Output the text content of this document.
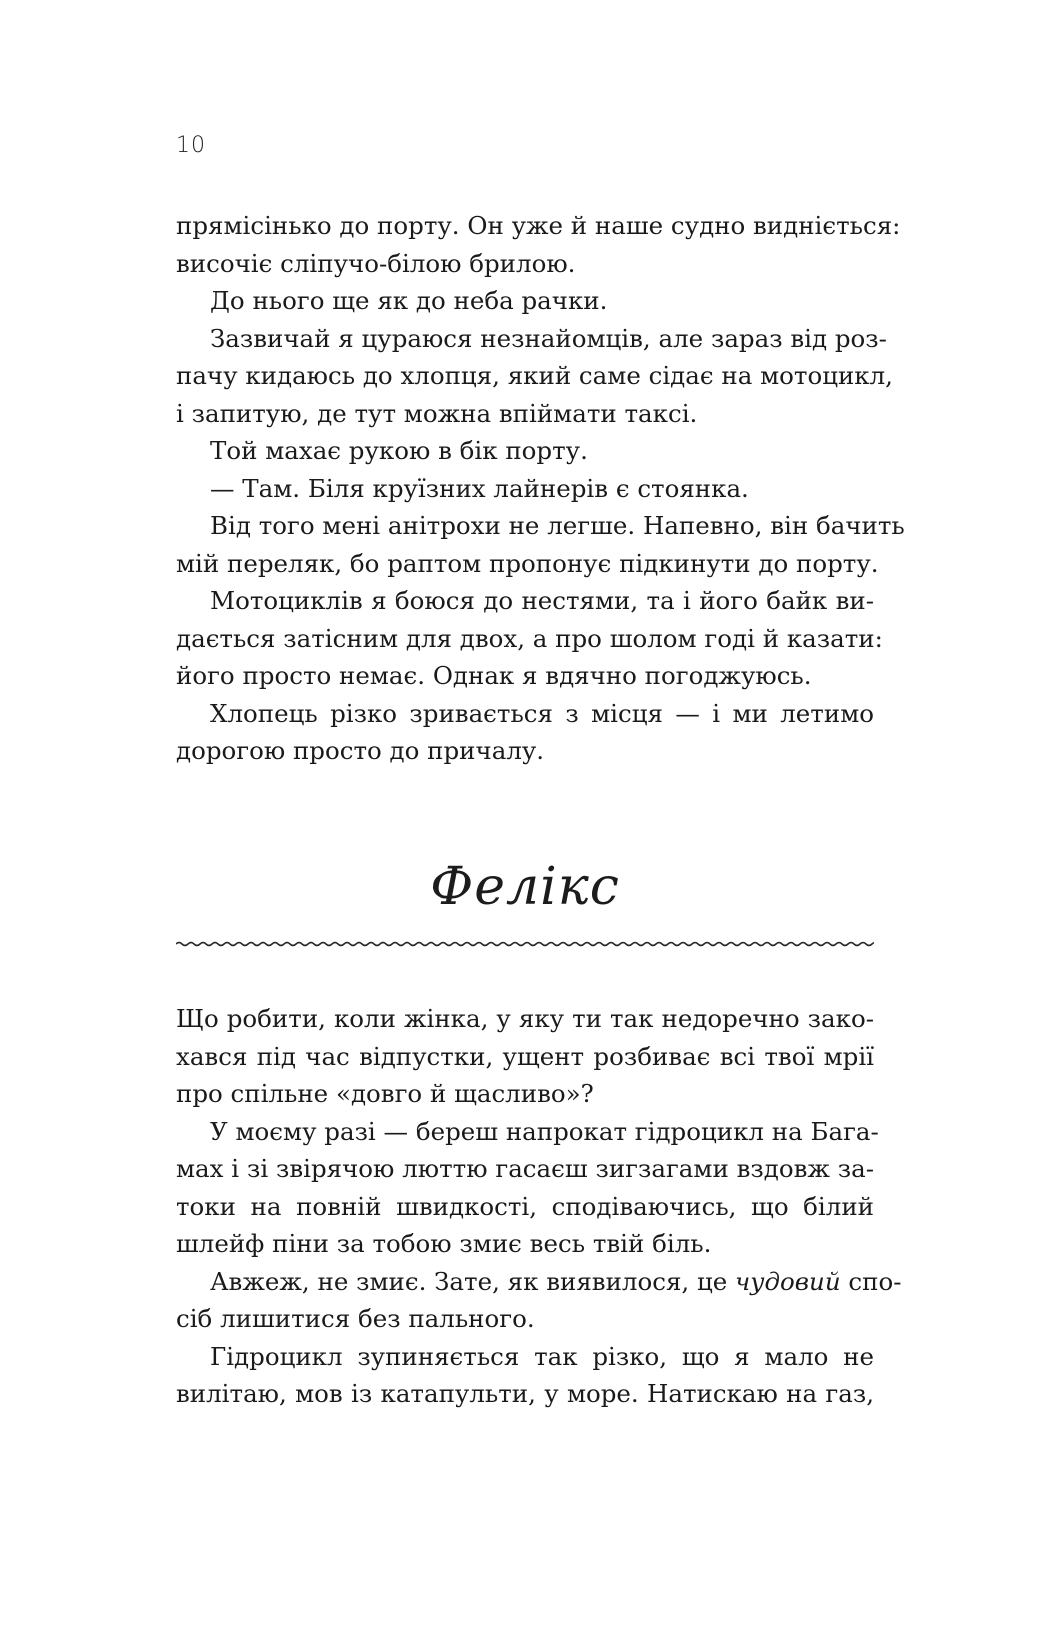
10
прямісінько до порту. Он уже й наше судно видніється:
височіє сліпучо-білою брилою.
До нього ще як до неба рачки.
Зазвичай я цураюся незнайомців, але зараз від роз-
пачу кидаюсь до хлопця, який саме сідає на мотоцикл,
і запитую, де тут можна впіймати таксі.
Той махає рукою в бік порту.
— Там. Біля круїзних лайнерів є стоянка.
Від того мені анітрохи не легше. Напевно, він бачить
мій переляк, бо раптом пропонує підкинути до порту.
Мотоциклів я боюся до нестями, та і його байк ви-
дається затісним для двох, а про шолом годі й казати:
його просто немає. Однак я вдячно погоджуюсь.
Хлопець різко зривається з місця — і ми летимо
дорогою просто до причалу.
Фелікс
Що робити, коли жінка, у яку ти так недоречно зако-
хався під час відпустки, ущент розбиває всі твої мрії
про спільне «довго й щасливо»?
У моєму разі — береш напрокат гідроцикл на Бага-
мах і зі звірячою люттю гасаєш зигзагами вздовж за-
токи на повній швидкості, сподіваючись, що білий
шлейф піни за тобою змиє весь твій біль.
Авжеж, не змиє. Зате, як виявилося, це чудовий спо-
сіб лишитися без пального.
Гідроцикл зупиняється так різко, що я мало не
вилітаю, мов із катапульти, у море. Натискаю на газ,
